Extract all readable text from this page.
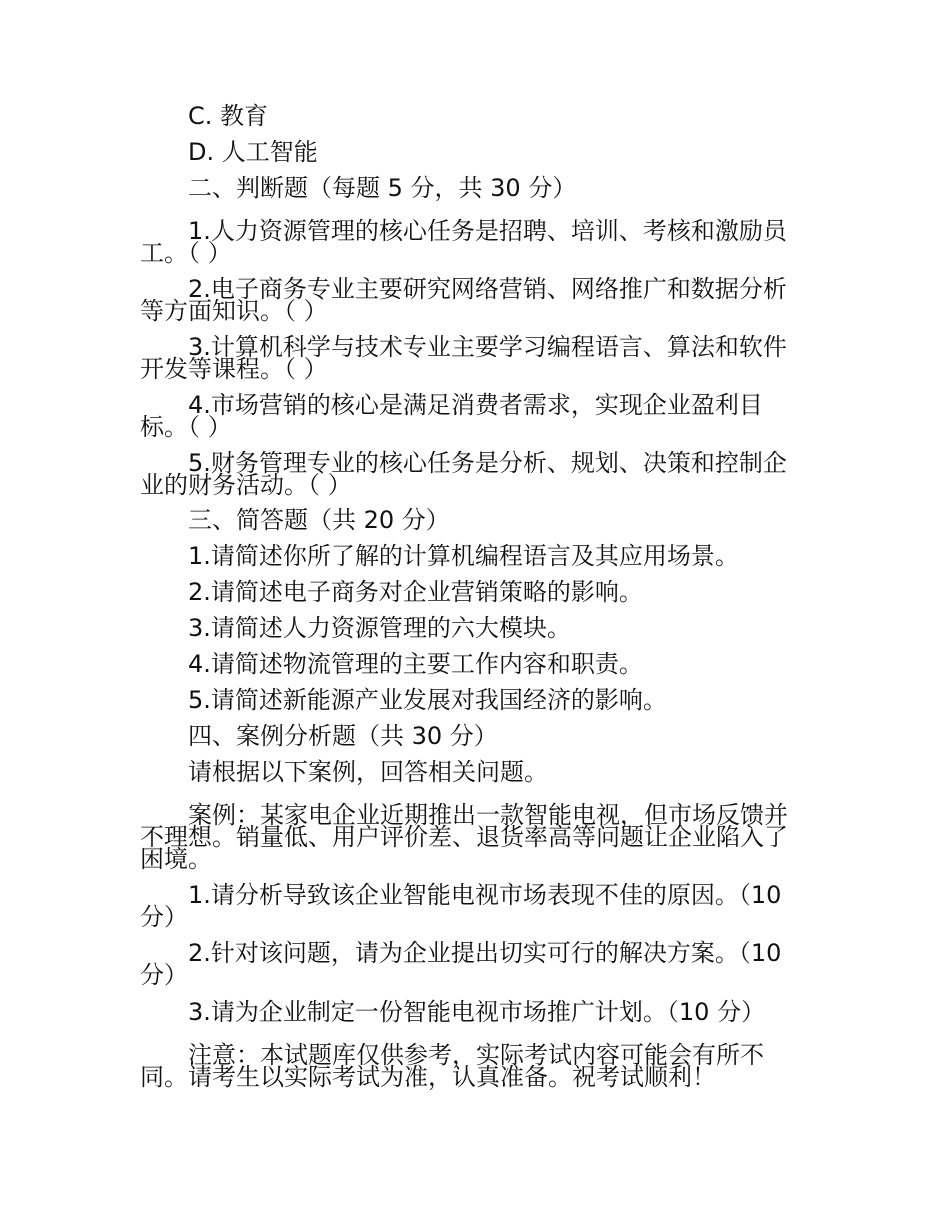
C. 教育

D. 人工智能

二、判断题（每题 5 分，共 30 分）

1.人力资源管理的核心任务是招聘、培训、考核和激励员
工。（ ）

2.电子商务专业主要研究网络营销、网络推广和数据分析
等方面知识。（ ）

3.计算机科学与技术专业主要学习编程语言、算法和软件
开发等课程。（ ）

4.市场营销的核心是满足消费者需求，实现企业盈利目
标。（ ）

5.财务管理专业的核心任务是分析、规划、决策和控制企
业的财务活动。（ ）

三、简答题（共 20 分）

1.请简述你所了解的计算机编程语言及其应用场景。

2.请简述电子商务对企业营销策略的影响。

3.请简述人力资源管理的六大模块。

4.请简述物流管理的主要工作内容和职责。

5.请简述新能源产业发展对我国经济的影响。

四、案例分析题（共 30 分）

请根据以下案例，回答相关问题。

案例：某家电企业近期推出一款智能电视，但市场反馈并
不理想。销量低、用户评价差、退货率高等问题让企业陷入了
困境。

1.请分析导致该企业智能电视市场表现不佳的原因。（10
分）

2.针对该问题，请为企业提出切实可行的解决方案。（10
分）

3.请为企业制定一份智能电视市场推广计划。（10 分）

注意：本试题库仅供参考，实际考试内容可能会有所不
同。请考生以实际考试为准，认真准备。祝考试顺利！
